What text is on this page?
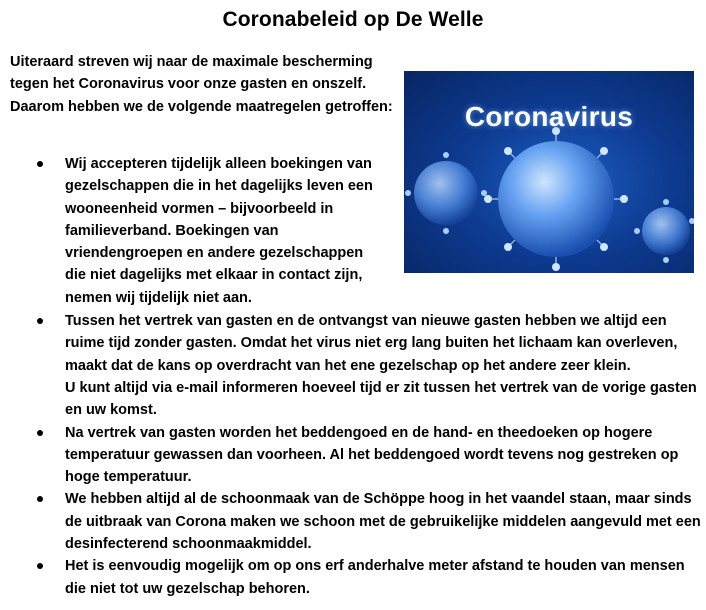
Coronabeleid op De Welle
Uiteraard streven wij naar de maximale bescherming tegen het Coronavirus voor onze gasten en onszelf. Daarom hebben we de volgende maatregelen getroffen:	Coronavirus
Wij accepteren tijdelijk alleen boekingen van gezelschappen die in het dagelijks leven een wooneenheid vormen – bijvoorbeeld in familieverband. Boekingen van vriendengroepen en andere gezelschappen die niet dagelijks met elkaar in contact zijn, nemen wij tijdelijk niet aan.
Tussen het vertrek van gasten en de ontvangst van nieuwe gasten hebben we altijd een ruime tijd zonder gasten. Omdat het virus niet erg lang buiten het lichaam kan overleven, maakt dat de kans op overdracht van het ene gezelschap op het andere zeer klein.
U kunt altijd via e-mail informeren hoeveel tijd er zit tussen het vertrek van de vorige gasten en uw komst.
Na vertrek van gasten worden het beddengoed en de hand- en theedoeken op hogere temperatuur gewassen dan voorheen. Al het beddengoed wordt tevens nog gestreken op hoge temperatuur.
We hebben altijd al de schoonmaak van de Schöppe hoog in het vaandel staan, maar sinds de uitbraak van Corona maken we schoon met de gebruikelijke middelen aangevuld met een desinfecterend schoonmaakmiddel.
Het is eenvoudig mogelijk om op ons erf anderhalve meter afstand te houden van mensen die niet tot uw gezelschap behoren.
